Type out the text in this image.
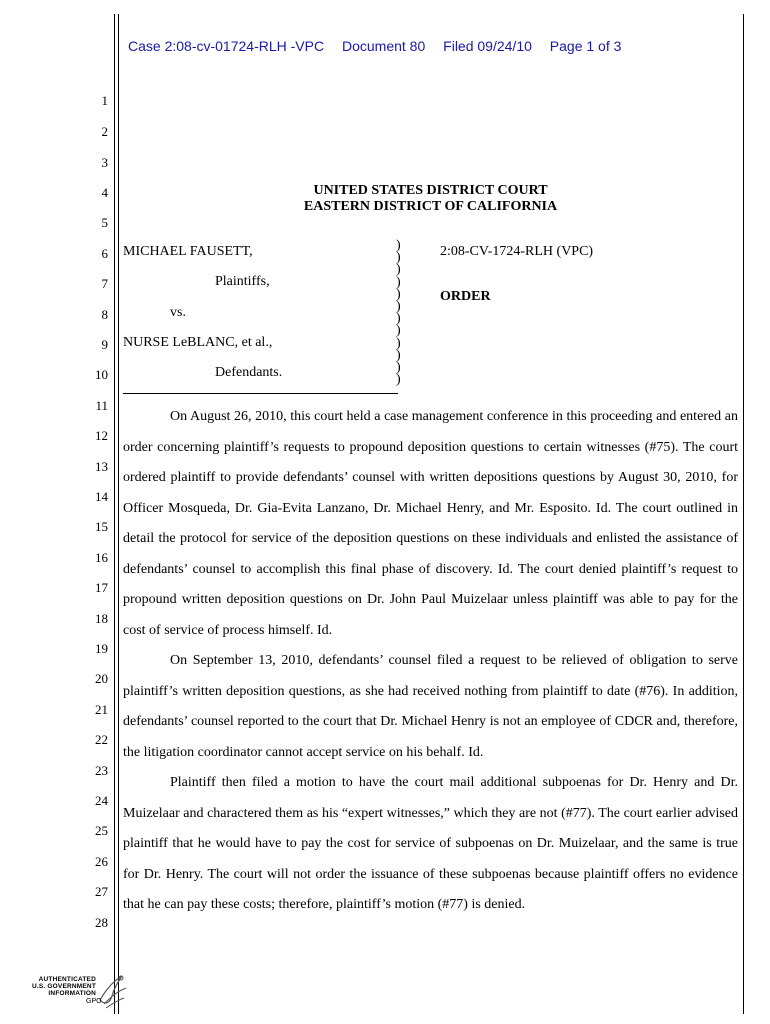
Case 2:08-cv-01724-RLH -VPC Document 80 Filed 09/24/10 Page 1 of 3
1
2
3
4
5
6
7
8
9
10
11
12
13
14
15
16
17
18
19
20
21
22
23
24
25
26
27
28
UNITED STATES DISTRICT COURT
EASTERN DISTRICT OF CALIFORNIA
MICHAEL FAUSETT,
Plaintiffs,
vs.
NURSE LeBLANC, et al.,
Defendants.
)
)
)
)
)
)
)
)
)
)
)
)
2:08-CV-1724-RLH (VPC)
ORDER

On August 26, 2010, this court held a case management conference in this proceeding and entered an order concerning plaintiff’s requests to propound deposition questions to certain witnesses (#75). The court ordered plaintiff to provide defendants’ counsel with written depositions questions by August 30, 2010, for Officer Mosqueda, Dr. Gia-Evita Lanzano, Dr. Michael Henry, and Mr. Esposito. Id. The court outlined in detail the protocol for service of the deposition questions on these individuals and enlisted the assistance of defendants’ counsel to accomplish this final phase of discovery. Id. The court denied plaintiff’s request to propound written deposition questions on Dr. John Paul Muizelaar unless plaintiff was able to pay for the cost of service of process himself. Id.

On September 13, 2010, defendants’ counsel filed a request to be relieved of obligation to serve plaintiff’s written deposition questions, as she had received nothing from plaintiff to date (#76). In addition, defendants’ counsel reported to the court that Dr. Michael Henry is not an employee of CDCR and, therefore, the litigation coordinator cannot accept service on his behalf. Id.

Plaintiff then filed a motion to have the court mail additional subpoenas for Dr. Henry and Dr. Muizelaar and charactered them as his “expert witnesses,” which they are not (#77). The court earlier advised plaintiff that he would have to pay the cost for service of subpoenas on Dr. Muizelaar, and the same is true for Dr. Henry. The court will not order the issuance of these subpoenas because plaintiff offers no evidence that he can pay these costs; therefore, plaintiff’s motion (#77) is denied.

AUTHENTICATED
U.S. GOVERNMENT
INFORMATION
GPO
